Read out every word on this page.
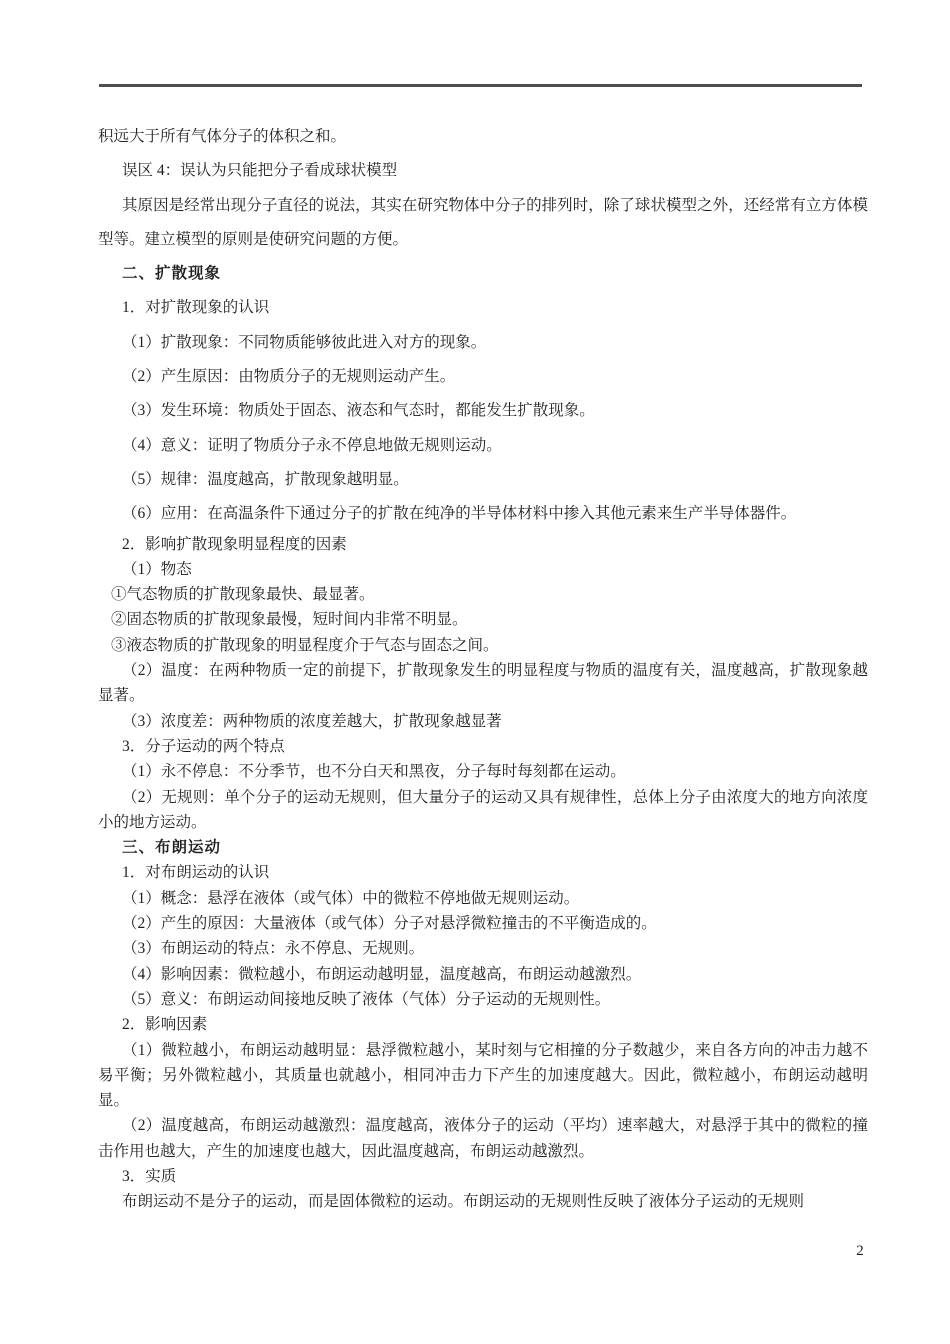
积远大于所有气体分子的体积之和。

误区 4：误认为只能把分子看成球状模型

其原因是经常出现分子直径的说法，其实在研究物体中分子的排列时，除了球状模型之外，还经常有立方体模型等。建立模型的原则是使研究问题的方便。

二、扩散现象

1．对扩散现象的认识

（1）扩散现象：不同物质能够彼此进入对方的现象。

（2）产生原因：由物质分子的无规则运动产生。

（3）发生环境：物质处于固态、液态和气态时，都能发生扩散现象。

（4）意义：证明了物质分子永不停息地做无规则运动。

（5）规律：温度越高，扩散现象越明显。

（6）应用：在高温条件下通过分子的扩散在纯净的半导体材料中掺入其他元素来生产半导体器件。

2．影响扩散现象明显程度的因素

（1）物态

①气态物质的扩散现象最快、最显著。

②固态物质的扩散现象最慢，短时间内非常不明显。

③液态物质的扩散现象的明显程度介于气态与固态之间。

（2）温度：在两种物质一定的前提下，扩散现象发生的明显程度与物质的温度有关，温度越高，扩散现象越显著。

（3）浓度差：两种物质的浓度差越大，扩散现象越显著

3．分子运动的两个特点

（1）永不停息：不分季节，也不分白天和黑夜，分子每时每刻都在运动。

（2）无规则：单个分子的运动无规则，但大量分子的运动又具有规律性，总体上分子由浓度大的地方向浓度小的地方运动。

三、布朗运动

1．对布朗运动的认识

（1）概念：悬浮在液体（或气体）中的微粒不停地做无规则运动。

（2）产生的原因：大量液体（或气体）分子对悬浮微粒撞击的不平衡造成的。

（3）布朗运动的特点：永不停息、无规则。

（4）影响因素：微粒越小，布朗运动越明显，温度越高，布朗运动越激烈。

（5）意义：布朗运动间接地反映了液体（气体）分子运动的无规则性。

2．影响因素

（1）微粒越小，布朗运动越明显：悬浮微粒越小，某时刻与它相撞的分子数越少，来自各方向的冲击力越不易平衡；另外微粒越小，其质量也就越小，相同冲击力下产生的加速度越大。因此，微粒越小，布朗运动越明显。

（2）温度越高，布朗运动越激烈：温度越高，液体分子的运动（平均）速率越大，对悬浮于其中的微粒的撞击作用也越大，产生的加速度也越大，因此温度越高，布朗运动越激烈。

3．实质

布朗运动不是分子的运动，而是固体微粒的运动。布朗运动的无规则性反映了液体分子运动的无规则

2
